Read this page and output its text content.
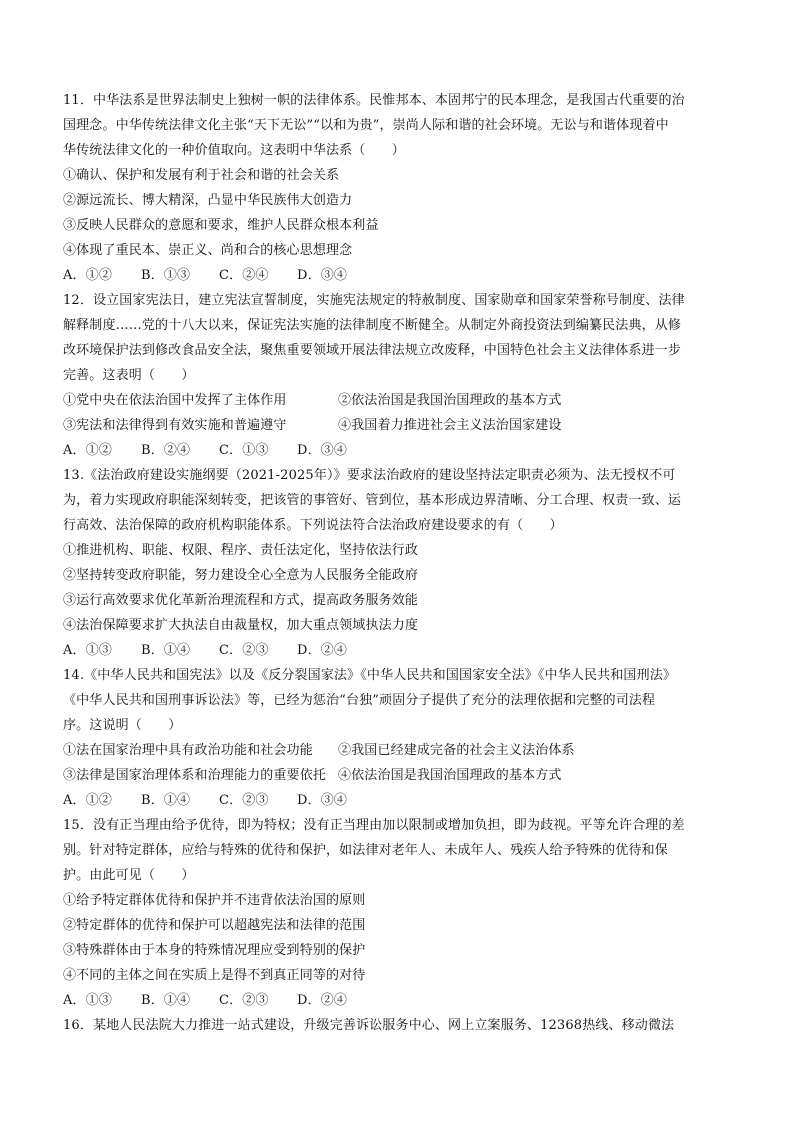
11．中华法系是世界法制史上独树一帜的法律体系。民惟邦本、本固邦宁的民本理念，是我国古代重要的治
国理念。中华传统法律文化主张“天下无讼”“以和为贵”，崇尚人际和谐的社会环境。无讼与和谐体现着中
华传统法律文化的一种价值取向。这表明中华法系（　　）
①确认、保护和发展有利于社会和谐的社会关系
②源远流长、博大精深，凸显中华民族伟大创造力
③反映人民群众的意愿和要求，维护人民群众根本利益
④体现了重民本、崇正义、尚和合的核心思想理念
A．①②	B．①③	C．②④	D．③④
12．设立国家宪法日，建立宪法宣誓制度，实施宪法规定的特赦制度、国家勋章和国家荣誉称号制度、法律
解释制度……党的十八大以来，保证宪法实施的法律制度不断健全。从制定外商投资法到编纂民法典，从修
改环境保护法到修改食品安全法，聚焦重要领域开展法律法规立改废释，中国特色社会主义法律体系进一步
完善。这表明（　　）
①党中央在依法治国中发挥了主体作用	②依法治国是我国治国理政的基本方式
③宪法和法律得到有效实施和普遍遵守	④我国着力推进社会主义法治国家建设
A．①②	B．②④	C．①③	D．③④
13.《法治政府建设实施纲要（2021-2025年）》要求法治政府的建设坚持法定职责必须为、法无授权不可
为，着力实现政府职能深刻转变，把该管的事管好、管到位，基本形成边界清晰、分工合理、权责一致、运
行高效、法治保障的政府机构职能体系。下列说法符合法治政府建设要求的有（　　）
①推进机构、职能、权限、程序、责任法定化，坚持依法行政
②坚持转变政府职能，努力建设全心全意为人民服务全能政府
③运行高效要求优化革新治理流程和方式，提高政务服务效能
④法治保障要求扩大执法自由裁量权，加大重点领域执法力度
A．①③	B．①④	C．②③	D．②④
14.《中华人民共和国宪法》以及《反分裂国家法》《中华人民共和国国家安全法》《中华人民共和国刑法》
《中华人民共和国刑事诉讼法》等，已经为惩治“台独”顽固分子提供了充分的法理依据和完整的司法程
序。这说明（　　）
①法在国家治理中具有政治功能和社会功能	②我国已经建成完备的社会主义法治体系
③法律是国家治理体系和治理能力的重要依托 ④依法治国是我国治国理政的基本方式
A．①②	B．①④	C．②③	D．③④
15．没有正当理由给予优待，即为特权；没有正当理由加以限制或增加负担，即为歧视。平等允许合理的差
别。针对特定群体，应给与特殊的优待和保护，如法律对老年人、未成年人、残疾人给予特殊的优待和保
护。由此可见（　　）
①给予特定群体优待和保护并不违背依法治国的原则
②特定群体的优待和保护可以超越宪法和法律的范围
③特殊群体由于本身的特殊情况理应受到特别的保护
④不同的主体之间在实质上是得不到真正同等的对待
A．①③	B．①④	C．②③	D．②④
16．某地人民法院大力推进一站式建设，升级完善诉讼服务中心、网上立案服务、12368热线、移动微法
